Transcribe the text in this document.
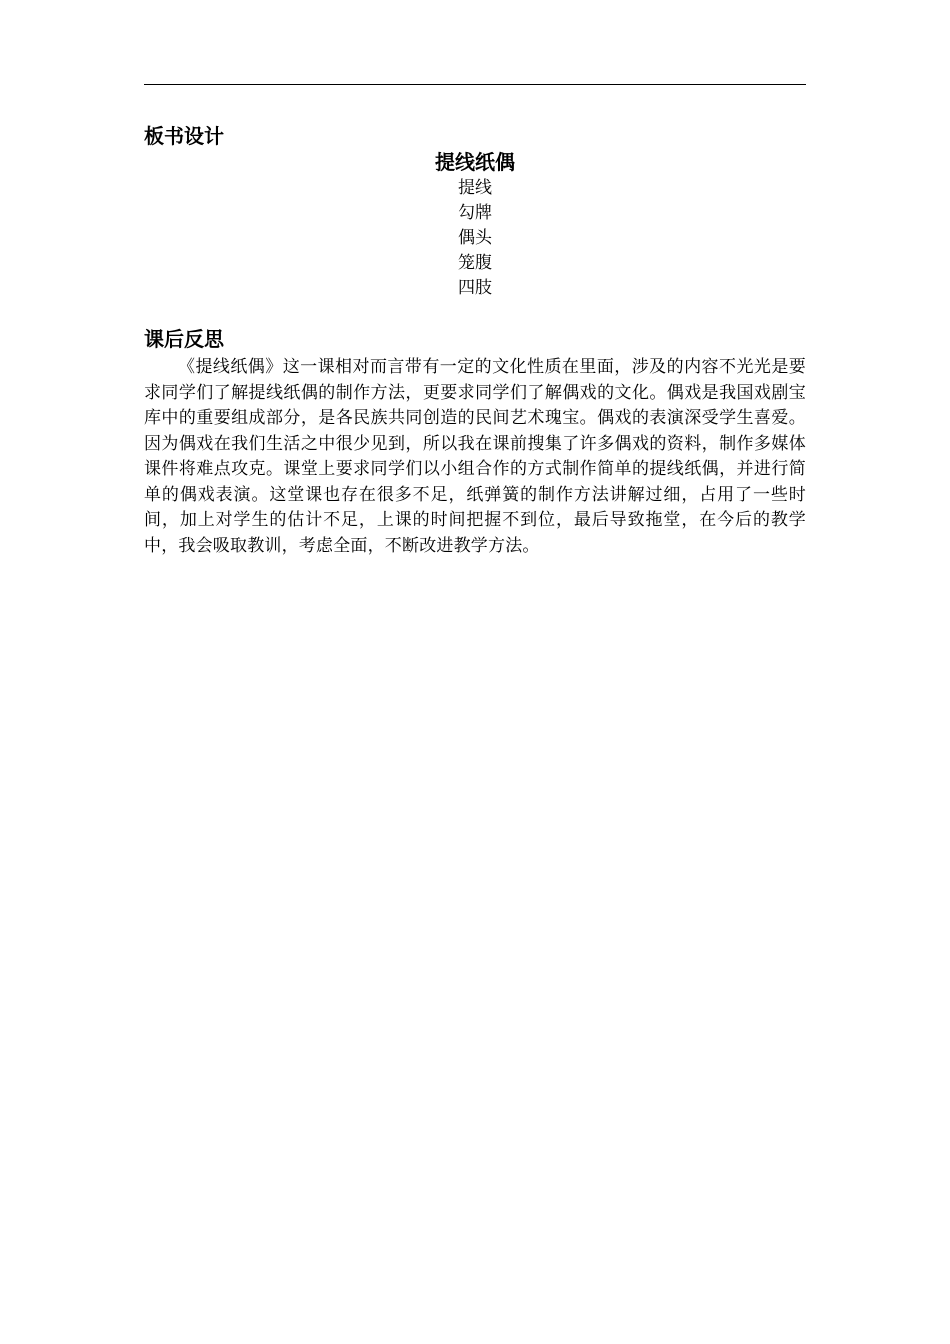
板书设计
提线纸偶
提线
勾牌
偶头
笼腹
四肢
课后反思

《提线纸偶》这一课相对而言带有一定的文化性质在里面，涉及的内容不光光是要求同学们了解提线纸偶的制作方法，更要求同学们了解偶戏的文化。偶戏是我国戏剧宝库中的重要组成部分，是各民族共同创造的民间艺术瑰宝。偶戏的表演深受学生喜爱。因为偶戏在我们生活之中很少见到，所以我在课前搜集了许多偶戏的资料，制作多媒体课件将难点攻克。课堂上要求同学们以小组合作的方式制作简单的提线纸偶，并进行简单的偶戏表演。这堂课也存在很多不足，纸弹簧的制作方法讲解过细，占用了一些时间，加上对学生的估计不足，上课的时间把握不到位，最后导致拖堂，在今后的教学中，我会吸取教训，考虑全面，不断改进教学方法。
